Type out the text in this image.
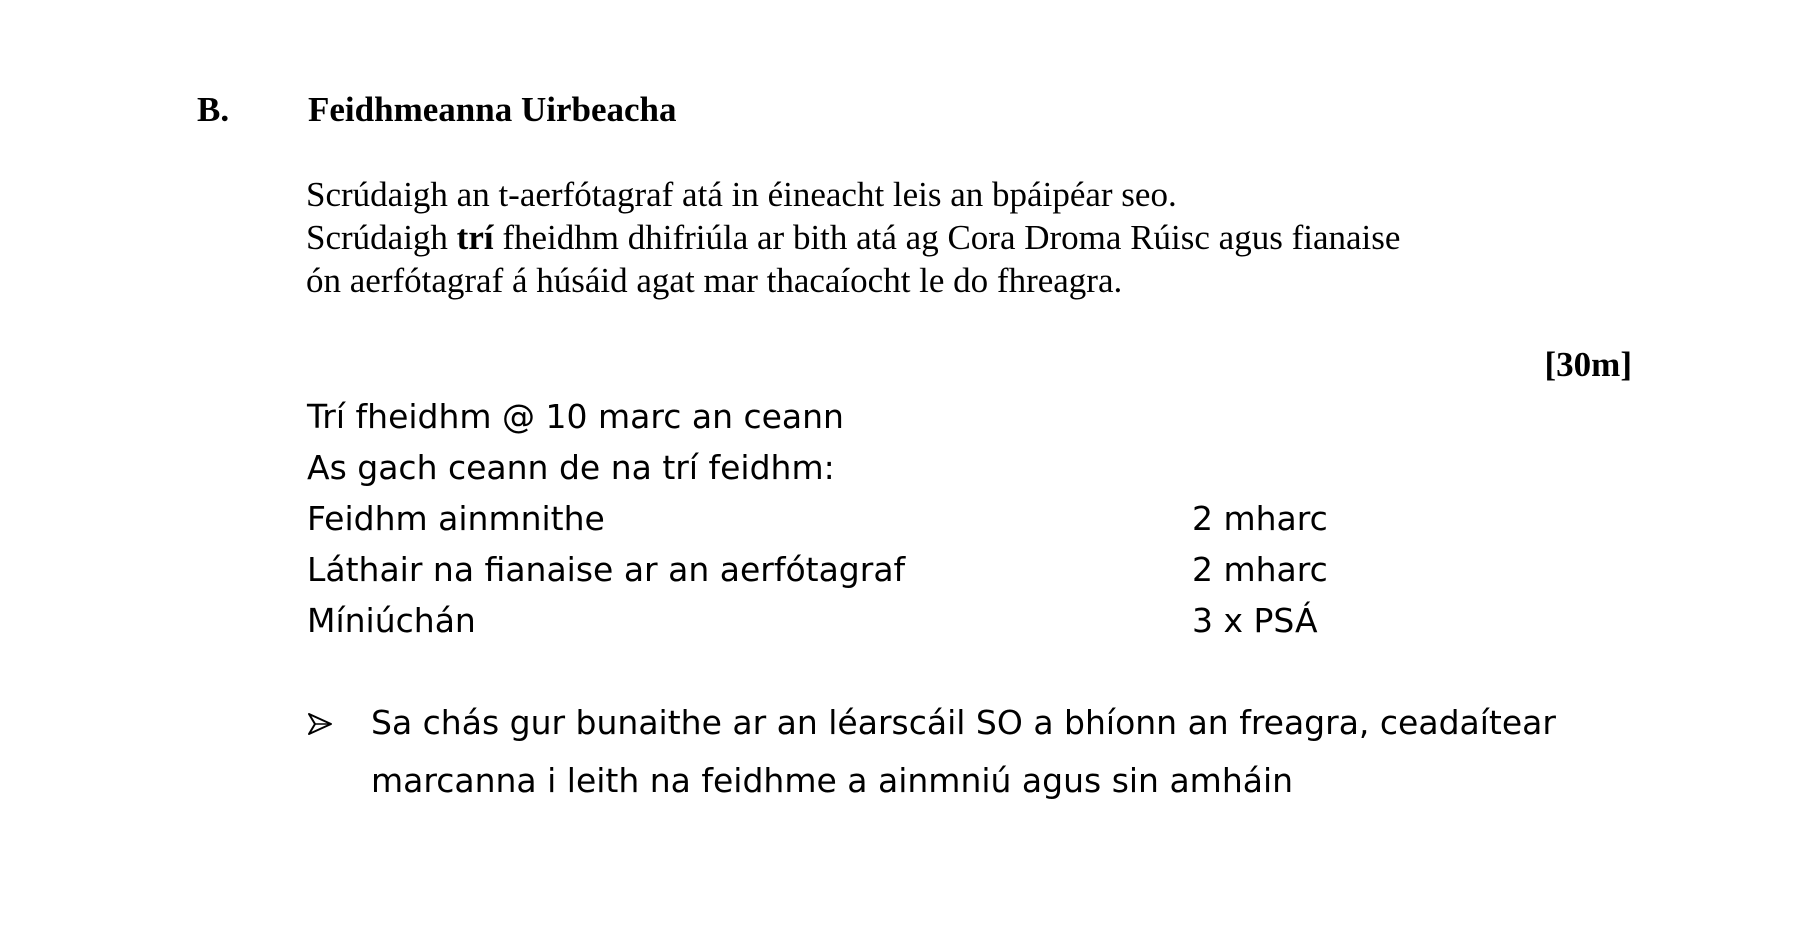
B. Feidhmeanna Uirbeacha
Scrúdaigh an t-aerfótagraf atá in éineacht leis an bpáipéar seo.
Scrúdaigh trí fheidhm dhifriúla ar bith atá ag Cora Droma Rúisc agus fianaise
ón aerfótagraf á húsáid agat mar thacaíocht le do fhreagra.
[30m]
Trí fheidhm @ 10 marc an ceann
As gach ceann de na trí feidhm:
Feidhm ainmnithe	2 mharc
Láthair na fianaise ar an aerfótagraf	2 mharc
Míniúchán	3 x PSÁ
Sa chás gur bunaithe ar an léarscáil SO a bhíonn an freagra, ceadaítear
marcanna i leith na feidhme a ainmniú agus sin amháin
